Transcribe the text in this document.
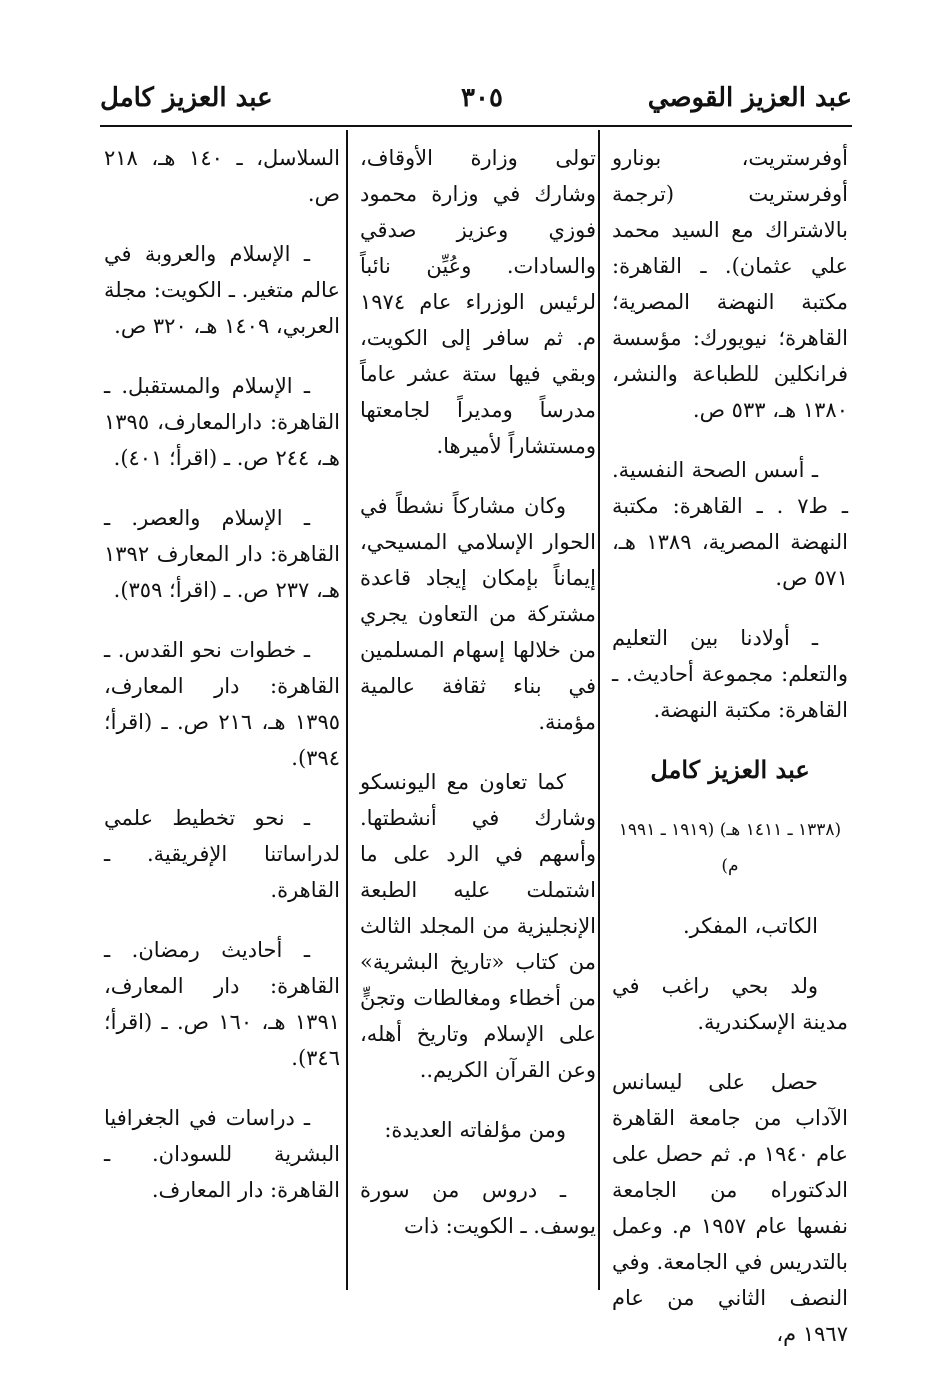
عبد العزيز القوصي
٣٠٥
عبد العزيز كامل

أوفرستريت، بونارو أوفرستريت (ترجمة بالاشتراك مع السيد محمد علي عثمان). ـ القاهرة: مكتبة النهضة المصرية؛ القاهرة؛ نيويورك: مؤسسة فرانكلين للطباعة والنشر، ١٣٨٠ هـ، ٥٣٣ ص.

ـ أسس الصحة النفسية. ـ ط٧ . ـ القاهرة: مكتبة النهضة المصرية، ١٣٨٩ هـ، ٥٧١ ص.

ـ أولادنا بين التعليم والتعلم: مجموعة أحاديث. ـ القاهرة: مكتبة النهضة.

عبد العزيز كامل

(١٣٣٨ ـ ١٤١١ هـ) (١٩١٩ ـ ١٩٩١ م)

الكاتب، المفكر.

ولد بحي راغب في مدينة الإسكندرية.

حصل على ليسانس الآداب من جامعة القاهرة عام ١٩٤٠ م. ثم حصل على الدكتوراه من الجامعة نفسها عام ١٩٥٧ م. وعمل بالتدريس في الجامعة. وفي النصف الثاني من عام ١٩٦٧ م،

تولى وزارة الأوقاف، وشارك في وزارة محمود فوزي وعزيز صدقي والسادات. وعُيِّن نائباً لرئيس الوزراء عام ١٩٧٤ م. ثم سافر إلى الكويت، وبقي فيها ستة عشر عاماً مدرساً ومديراً لجامعتها ومستشاراً لأميرها.

وكان مشاركاً نشطاً في الحوار الإسلامي المسيحي، إيماناً بإمكان إيجاد قاعدة مشتركة من التعاون يجري من خلالها إسهام المسلمين في بناء ثقافة عالمية مؤمنة.

كما تعاون مع اليونسكو وشارك في أنشطتها. وأسهم في الرد على ما اشتملت عليه الطبعة الإنجليزية من المجلد الثالث من كتاب «تاريخ البشرية» من أخطاء ومغالطات وتجنٍّ على الإسلام وتاريخ أهله، وعن القرآن الكريم..

ومن مؤلفاته العديدة:

ـ دروس من سورة يوسف. ـ الكويت: ذات

السلاسل، ـ ١٤٠ هـ، ٢١٨ ص.

ـ الإسلام والعروبة في عالم متغير. ـ الكويت: مجلة العربي، ١٤٠٩ هـ، ٣٢٠ ص.

ـ الإسلام والمستقبل. ـ القاهرة: دارالمعارف، ١٣٩٥ هـ، ٢٤٤ ص. ـ (اقرأ؛ ٤٠١).

ـ الإسلام والعصر. ـ القاهرة: دار المعارف ١٣٩٢ هـ، ٢٣٧ ص. ـ (اقرأ؛ ٣٥٩).

ـ خطوات نحو القدس. ـ القاهرة: دار المعارف، ١٣٩٥ هـ، ٢١٦ ص. ـ (اقرأ؛ ٣٩٤).

ـ نحو تخطيط علمي لدراساتنا الإفريقية. ـ القاهرة.

ـ أحاديث رمضان. ـ القاهرة: دار المعارف، ١٣٩١ هـ، ١٦٠ ص. ـ (اقرأ؛ ٣٤٦).

ـ دراسات في الجغرافيا البشرية للسودان. ـ القاهرة: دار المعارف.
